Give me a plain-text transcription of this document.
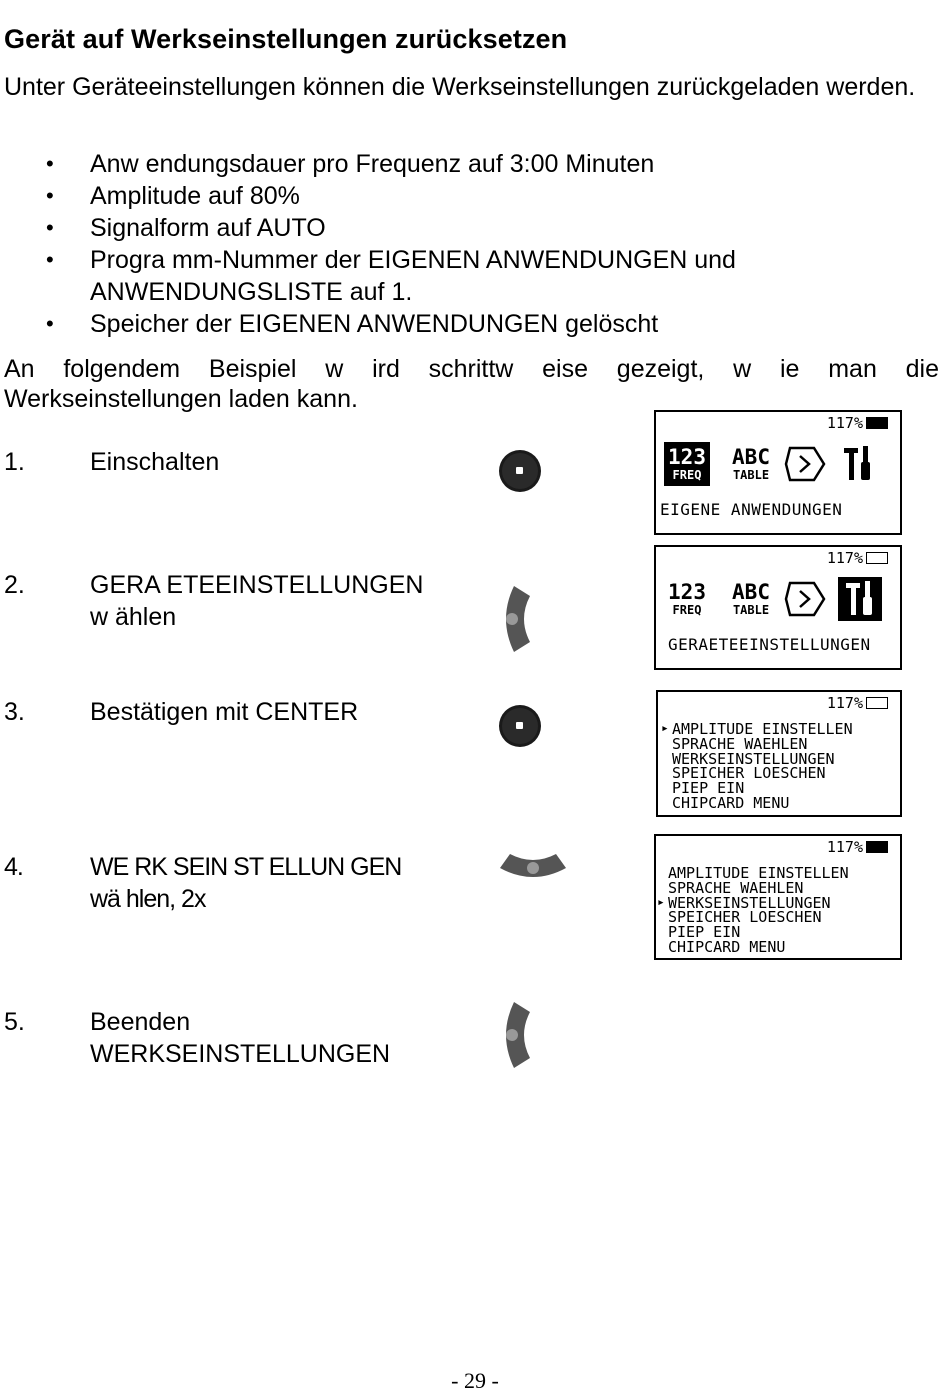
Gerät auf Werkseinstellungen zurücksetzen

Unter Geräteeinstellungen können die Werkseinstellungen zurückgeladen werden.

• Anw endungsdauer pro Frequenz auf 3:00 Minuten
• Amplitude auf 80%
• Signalform auf AUTO
• Progra mm-Nummer der EIGENEN ANWENDUNGEN und
ANWENDUNGSLISTE auf 1.
• Speicher der EIGENEN ANWENDUNGEN gelöscht

An folgendem Beispiel w ird schrittw eise gezeigt, w ie man die

Werkseinstellungen laden kann.

1.	Einschalten
117%
123
FREQ
ABC
TABLE
EIGENE ANWENDUNGEN
2.	GERA ETEEINSTELLUNGEN
w ählen
117%
123
FREQ
ABC
TABLE
GERAETEEINSTELLUNGEN
3.	Bestätigen mit CENTER	117%
▸ AMPLITUDE EINSTELLEN
SPRACHE WAEHLEN
WERKSEINSTELLUNGEN
SPEICHER LOESCHEN
PIEP EIN
CHIPCARD MENU
4.	WE RK SEIN ST ELLUN GEN
wä hlen, 2x
117%
AMPLITUDE EINSTELLEN
SPRACHE WAEHLEN
▸ WERKSEINSTELLUNGEN
SPEICHER LOESCHEN
PIEP EIN
CHIPCARD MENU
5.	Beenden
WERKSEINSTELLUNGEN
- 29 -
